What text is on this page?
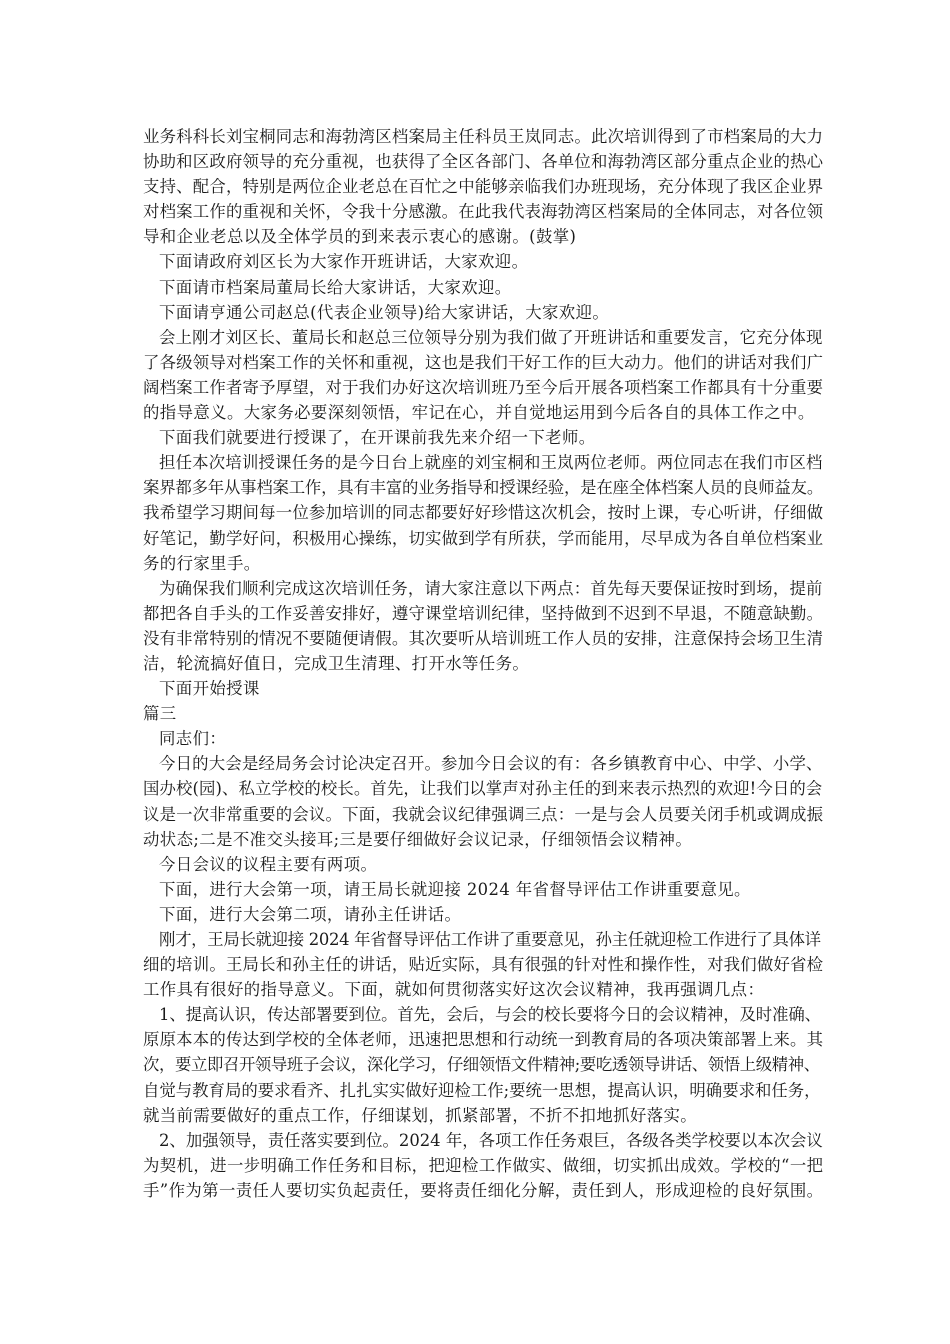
业务科科长刘宝桐同志和海勃湾区档案局主任科员王岚同志。此次培训得到了市档案局的大力

协助和区政府领导的充分重视，也获得了全区各部门、各单位和海勃湾区部分重点企业的热心

支持、配合，特别是两位企业老总在百忙之中能够亲临我们办班现场，充分体现了我区企业界

对档案工作的重视和关怀，令我十分感激。在此我代表海勃湾区档案局的全体同志，对各位领

导和企业老总以及全体学员的到来表示衷心的感谢。(鼓掌)

下面请政府刘区长为大家作开班讲话，大家欢迎。

下面请市档案局董局长给大家讲话，大家欢迎。

下面请亨通公司赵总(代表企业领导)给大家讲话，大家欢迎。

会上刚才刘区长、董局长和赵总三位领导分别为我们做了开班讲话和重要发言，它充分体现

了各级领导对档案工作的关怀和重视，这也是我们干好工作的巨大动力。他们的讲话对我们广

阔档案工作者寄予厚望，对于我们办好这次培训班乃至今后开展各项档案工作都具有十分重要

的指导意义。大家务必要深刻领悟，牢记在心，并自觉地运用到今后各自的具体工作之中。

下面我们就要进行授课了，在开课前我先来介绍一下老师。

担任本次培训授课任务的是今日台上就座的刘宝桐和王岚两位老师。两位同志在我们市区档

案界都多年从事档案工作，具有丰富的业务指导和授课经验，是在座全体档案人员的良师益友。

我希望学习期间每一位参加培训的同志都要好好珍惜这次机会，按时上课，专心听讲，仔细做

好笔记，勤学好问，积极用心操练，切实做到学有所获，学而能用，尽早成为各自单位档案业

务的行家里手。

为确保我们顺利完成这次培训任务，请大家注意以下两点：首先每天要保证按时到场，提前

都把各自手头的工作妥善安排好，遵守课堂培训纪律，坚持做到不迟到不早退，不随意缺勤。

没有非常特别的情况不要随便请假。其次要听从培训班工作人员的安排，注意保持会场卫生清

洁，轮流搞好值日，完成卫生清理、打开水等任务。

下面开始授课

篇三

同志们：

今日的大会是经局务会讨论决定召开。参加今日会议的有：各乡镇教育中心、中学、小学、

国办校(园)、私立学校的校长。首先，让我们以掌声对孙主任的到来表示热烈的欢迎!今日的会

议是一次非常重要的会议。下面，我就会议纪律强调三点：一是与会人员要关闭手机或调成振

动状态;二是不准交头接耳;三是要仔细做好会议记录，仔细领悟会议精神。

今日会议的议程主要有两项。

下面，进行大会第一项，请王局长就迎接 2024 年省督导评估工作讲重要意见。

下面，进行大会第二项，请孙主任讲话。

刚才，王局长就迎接 2024 年省督导评估工作讲了重要意见，孙主任就迎检工作进行了具体详

细的培训。王局长和孙主任的讲话，贴近实际，具有很强的针对性和操作性，对我们做好省检

工作具有很好的指导意义。下面，就如何贯彻落实好这次会议精神，我再强调几点：

1、提高认识，传达部署要到位。首先，会后，与会的校长要将今日的会议精神，及时准确、

原原本本的传达到学校的全体老师，迅速把思想和行动统一到教育局的各项决策部署上来。其

次，要立即召开领导班子会议，深化学习，仔细领悟文件精神;要吃透领导讲话、领悟上级精神、

自觉与教育局的要求看齐、扎扎实实做好迎检工作;要统一思想，提高认识，明确要求和任务，

就当前需要做好的重点工作，仔细谋划，抓紧部署，不折不扣地抓好落实。

2、加强领导，责任落实要到位。2024 年，各项工作任务艰巨，各级各类学校要以本次会议

为契机，进一步明确工作任务和目标，把迎检工作做实、做细，切实抓出成效。学校的“一把

手”作为第一责任人要切实负起责任，要将责任细化分解，责任到人，形成迎检的良好氛围。
